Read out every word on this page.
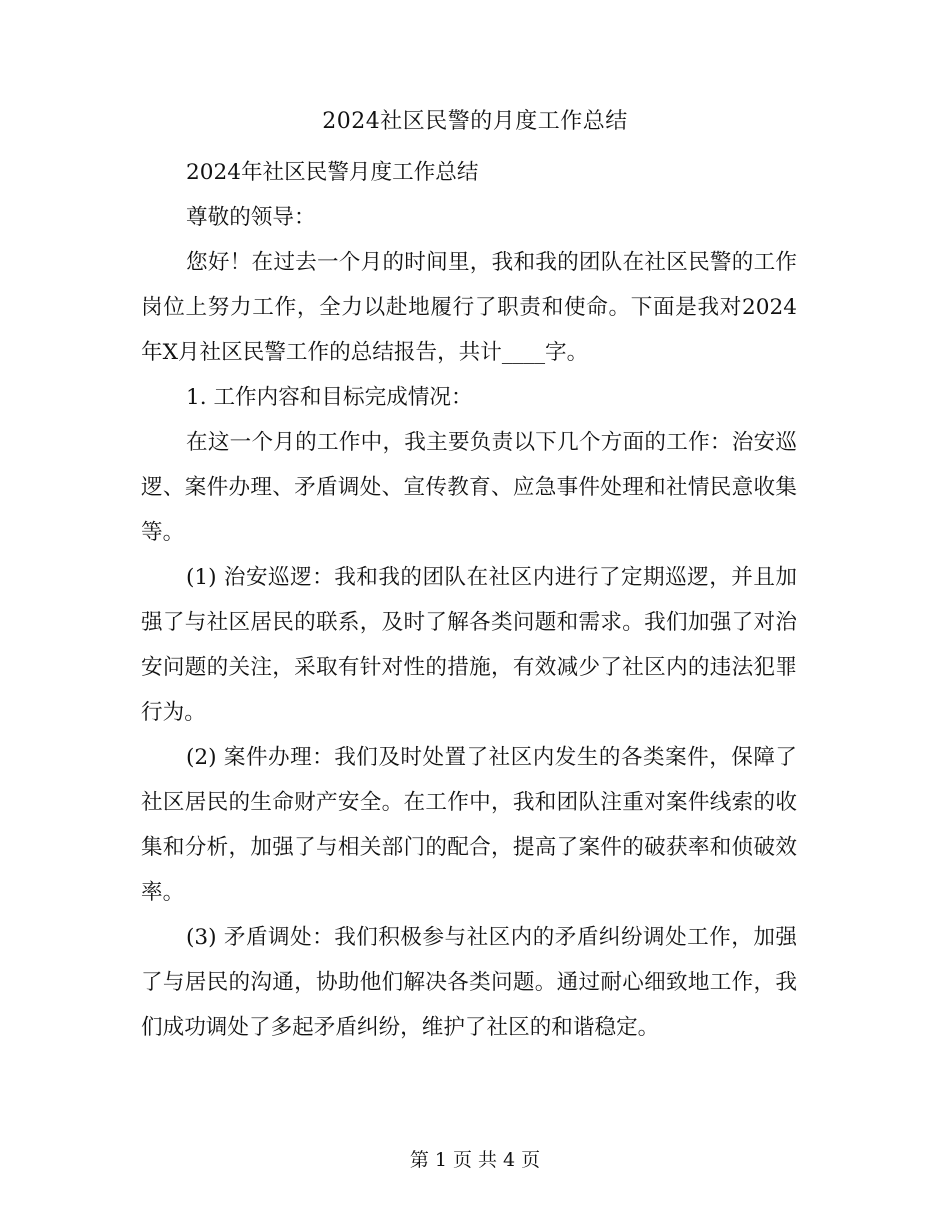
2024社区民警的月度工作总结

2024年社区民警月度工作总结

尊敬的领导：

您好！在过去一个月的时间里，我和我的团队在社区民警的工作岗位上努力工作，全力以赴地履行了职责和使命。下面是我对2024年X月社区民警工作的总结报告，共计____字。

1. 工作内容和目标完成情况：

在这一个月的工作中，我主要负责以下几个方面的工作：治安巡逻、案件办理、矛盾调处、宣传教育、应急事件处理和社情民意收集等。

(1) 治安巡逻：我和我的团队在社区内进行了定期巡逻，并且加强了与社区居民的联系，及时了解各类问题和需求。我们加强了对治安问题的关注，采取有针对性的措施，有效减少了社区内的违法犯罪行为。

(2) 案件办理：我们及时处置了社区内发生的各类案件，保障了社区居民的生命财产安全。在工作中，我和团队注重对案件线索的收集和分析，加强了与相关部门的配合，提高了案件的破获率和侦破效率。

(3) 矛盾调处：我们积极参与社区内的矛盾纠纷调处工作，加强了与居民的沟通，协助他们解决各类问题。通过耐心细致地工作，我们成功调处了多起矛盾纠纷，维护了社区的和谐稳定。

第 1 页 共 4 页
